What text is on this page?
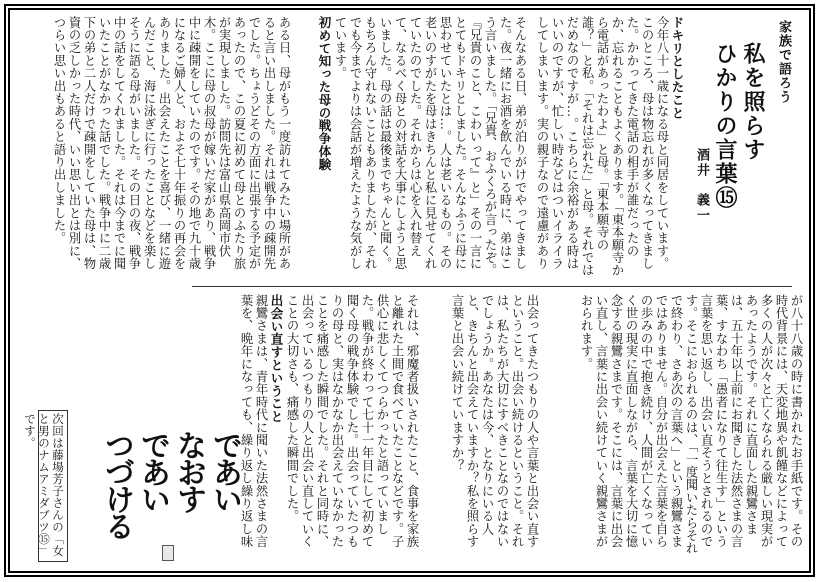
家族で語ろう
私を照らす
ひかりの言葉⑮
酒井　義一
ドキリとしたこと
今年八十一歳になる母と同居をしています。このところ、母は物忘れが多くなってきました。かかってきた電話の相手が誰だったのか、忘れることもよくあります。「東本願寺から電話があったわよ」と母。「東本願寺の誰？」と私。「それは忘れた」と母。それではだめなのですが…。こちらに余裕がある時はいいのですが、忙しい時などはついイライラしてしまいます。実の親子なので遠慮があり
そんなある日、弟が泊りがけでやってきました。夜一緒にお酒を飲んでいる時に、弟はこう言いました。「兄貴、おふくろが言ったぞ。『兄貴のこと、こわいって』と」その一言にとてもドキリとしました。そんなふうに母に思わせていたとは…。人は老いるもの。その老いのすがたを母はきちんと私に見せてくれていたのでした。それからは心を入れ替えて、なるべく母との対話を大事にしようと思いました。母の話は最後までちゃんと聞く。もちろん守れないこともありましたが、それでも今までよりは会話が増えたような気がしています。
初めて知った母の戦争体験
ある日、母がもう一度訪れてみたい場所があると言い出しました。それは戦争中の疎開先でした。ちょうどその方面に出張する予定があったので、この夏に初めて母とのふたり旅が実現しました。訪問先は富山県高岡市伏木。ここに母の叔母が嫁いだ家があり、戦争中に疎開をしていたのです。その地で九十歳になるご婦人と、およそ七十年振りの再会をありました。出会えたことを喜び、一緒に遊んだこと、海に泳ぎに行ったことなどを楽しそうに語る母がいました。その日の夜、戦争中の話をしてくれました。それは今までに聞いたことがなかった話でした。戦争中に二歳下の弟と二人だけで疎開をしていた母は、物資の乏しかった時代、いい思い出とは別に、つらい思い出もあると語り出しました。
が八十八歳の時に書かれたお手紙です。その時代背景には、天変地異や飢饉などによって多くの人が次々と亡くなられる厳しい現実があったようです。それに直面した親鸞さまは、五十年以上前にお聞きした法然さまの言葉、すなわち「愚者になりて往生す」という言葉を思い返し、出会い直そうとされるのです。そこにおられるのは、「一度聞いたらそれで終わり、さあ次の言葉へ」という親鸞さまではありません。自分が出会えた言葉を自らの歩みの中で抱き続け、人間が亡くなっていく世の現実に直面しながら、言葉を大切に憶念する親鸞さまです。そこには、言葉に出会い直し、言葉に出会い続けていく親鸞さまがおられます。
出会ってきたつもりの人や言葉と出会い直すということ。出会い続けるということ。それは、私たちが大切にすべきことなのではないでしょうか。あなたは今、となりにいる人と、きちんと出会えていますか？私を照らす言葉と出会い続けていますか？
それは、邪魔者扱いされたこと、食事を家族と離れた土間で食べていたことなどです。子供心に悲しくてつらかったと語っていました。戦争が終わって七十一年目にして初めて聞く母の戦争体験でした。出会っていたつもりの母と、実はなかなか出会えていなかったことを痛感した瞬間でした。それと同時に、出会っているつもりの人と出会い直していくことの大切さも、痛感した瞬間でした。
出会い直すということ
親鸞さまは、青年時代に聞いた法然さまの言葉を、晩年になっても、繰り返し繰り返し味
であい
なおす
であい
つづける
次回は藤場芳子さんの「女と男のナムアミダブツ⑮」です。
